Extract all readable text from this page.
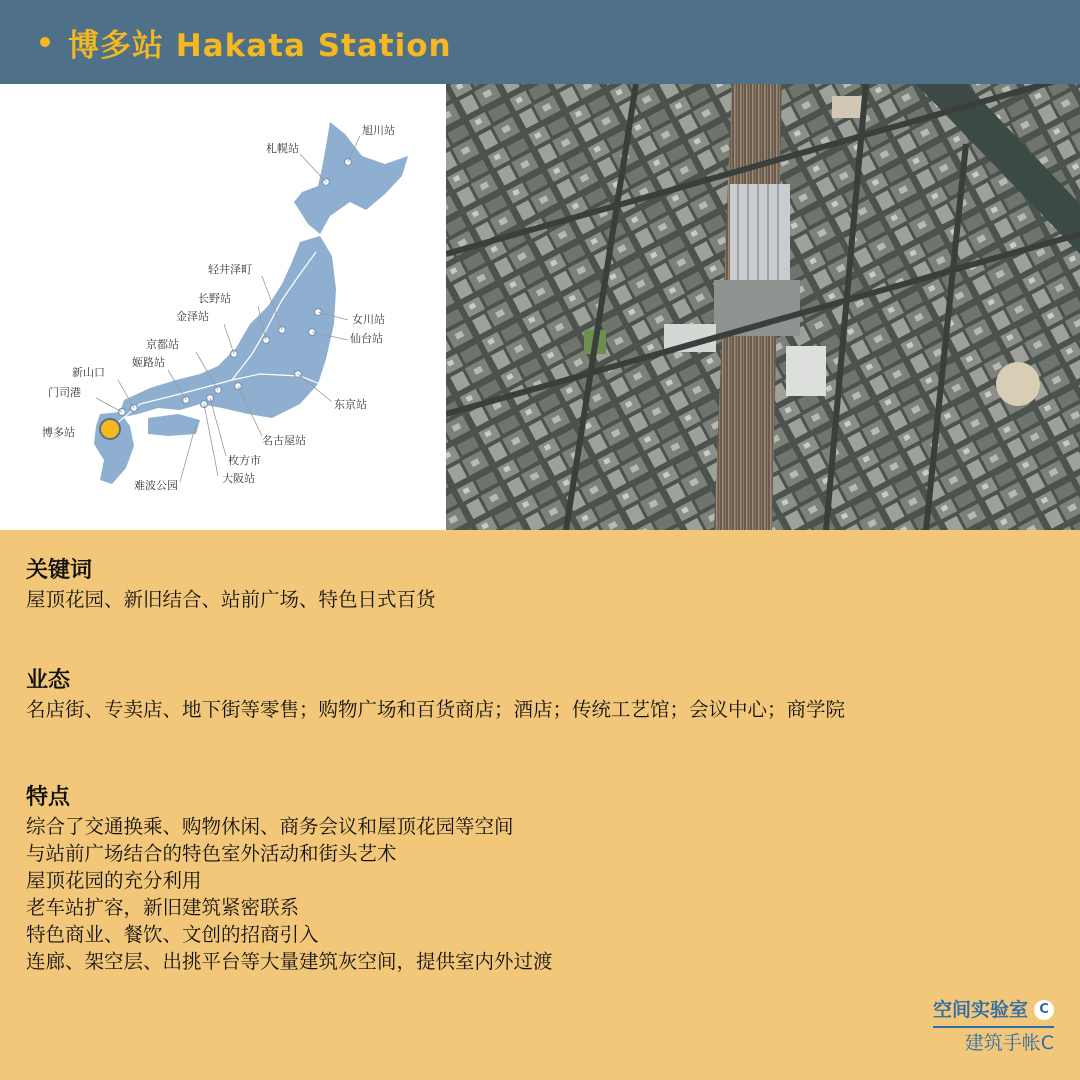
博多站 Hakata Station
旭川站
札幌站
轻井泽町
长野站
金泽站	女川站
仙台站
京都站
姬路站
新山口
门司港
东京站
博多站
名古屋站
枚方市
大阪站
难波公园
关键词

屋顶花园、新旧结合、站前广场、特色日式百货

业态

名店街、专卖店、地下街等零售；购物广场和百货商店；酒店；传统工艺馆；会议中心；商学院

特点

综合了交通换乘、购物休闲、商务会议和屋顶花园等空间

与站前广场结合的特色室外活动和街头艺术

屋顶花园的充分利用

老车站扩容，新旧建筑紧密联系

特色商业、餐饮、文创的招商引入

连廊、架空层、出挑平台等大量建筑灰空间，提供室内外过渡

空间实验室 C
建筑手帐C
